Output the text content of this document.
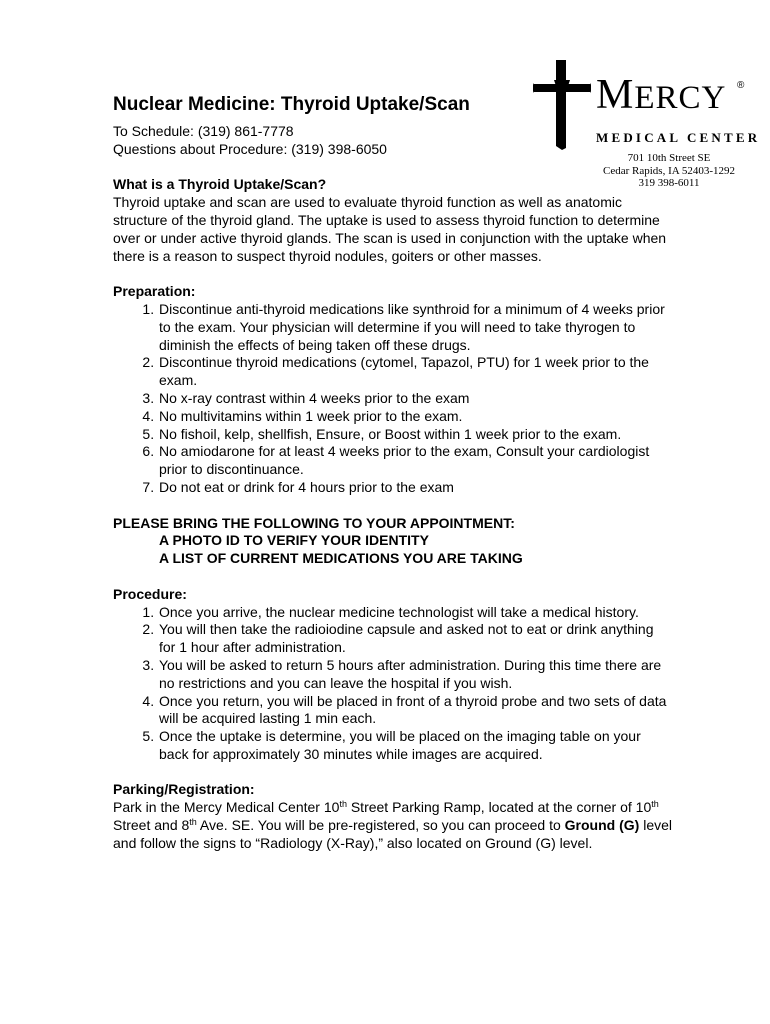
MERCY ®
MEDICAL CENTER
701 10th Street SE
Cedar Rapids, IA 52403-1292
319 398-6011
Nuclear Medicine: Thyroid Uptake/Scan

To Schedule: (319) 861-7778

Questions about Procedure: (319) 398-6050

What is a Thyroid Uptake/Scan?

Thyroid uptake and scan are used to evaluate thyroid function as well as anatomic structure of the thyroid gland. The uptake is used to assess thyroid function to determine over or under active thyroid glands. The scan is used in conjunction with the uptake when there is a reason to suspect thyroid nodules, goiters or other masses.

Preparation:

1. Discontinue anti-thyroid medications like synthroid for a minimum of 4 weeks prior to the exam. Your physician will determine if you will need to take thyrogen to diminish the effects of being taken off these drugs.
2. Discontinue thyroid medications (cytomel, Tapazol, PTU) for 1 week prior to the exam.
3. No x-ray contrast within 4 weeks prior to the exam
4. No multivitamins within 1 week prior to the exam.
5. No fishoil, kelp, shellfish, Ensure, or Boost within 1 week prior to the exam.
6. No amiodarone for at least 4 weeks prior to the exam, Consult your cardiologist prior to discontinuance.
7. Do not eat or drink for 4 hours prior to the exam
PLEASE BRING THE FOLLOWING TO YOUR APPOINTMENT:
A PHOTO ID TO VERIFY YOUR IDENTITY
A LIST OF CURRENT MEDICATIONS YOU ARE TAKING

Procedure:

1. Once you arrive, the nuclear medicine technologist will take a medical history.
2. You will then take the radioiodine capsule and asked not to eat or drink anything for 1 hour after administration.
3. You will be asked to return 5 hours after administration. During this time there are no restrictions and you can leave the hospital if you wish.
4. Once you return, you will be placed in front of a thyroid probe and two sets of data will be acquired lasting 1 min each.
5. Once the uptake is determine, you will be placed on the imaging table on your back for approximately 30 minutes while images are acquired.

Parking/Registration:

Park in the Mercy Medical Center 10th Street Parking Ramp, located at the corner of 10th Street and 8th Ave. SE. You will be pre-registered, so you can proceed to Ground (G) level and follow the signs to “Radiology (X-Ray),” also located on Ground (G) level.
